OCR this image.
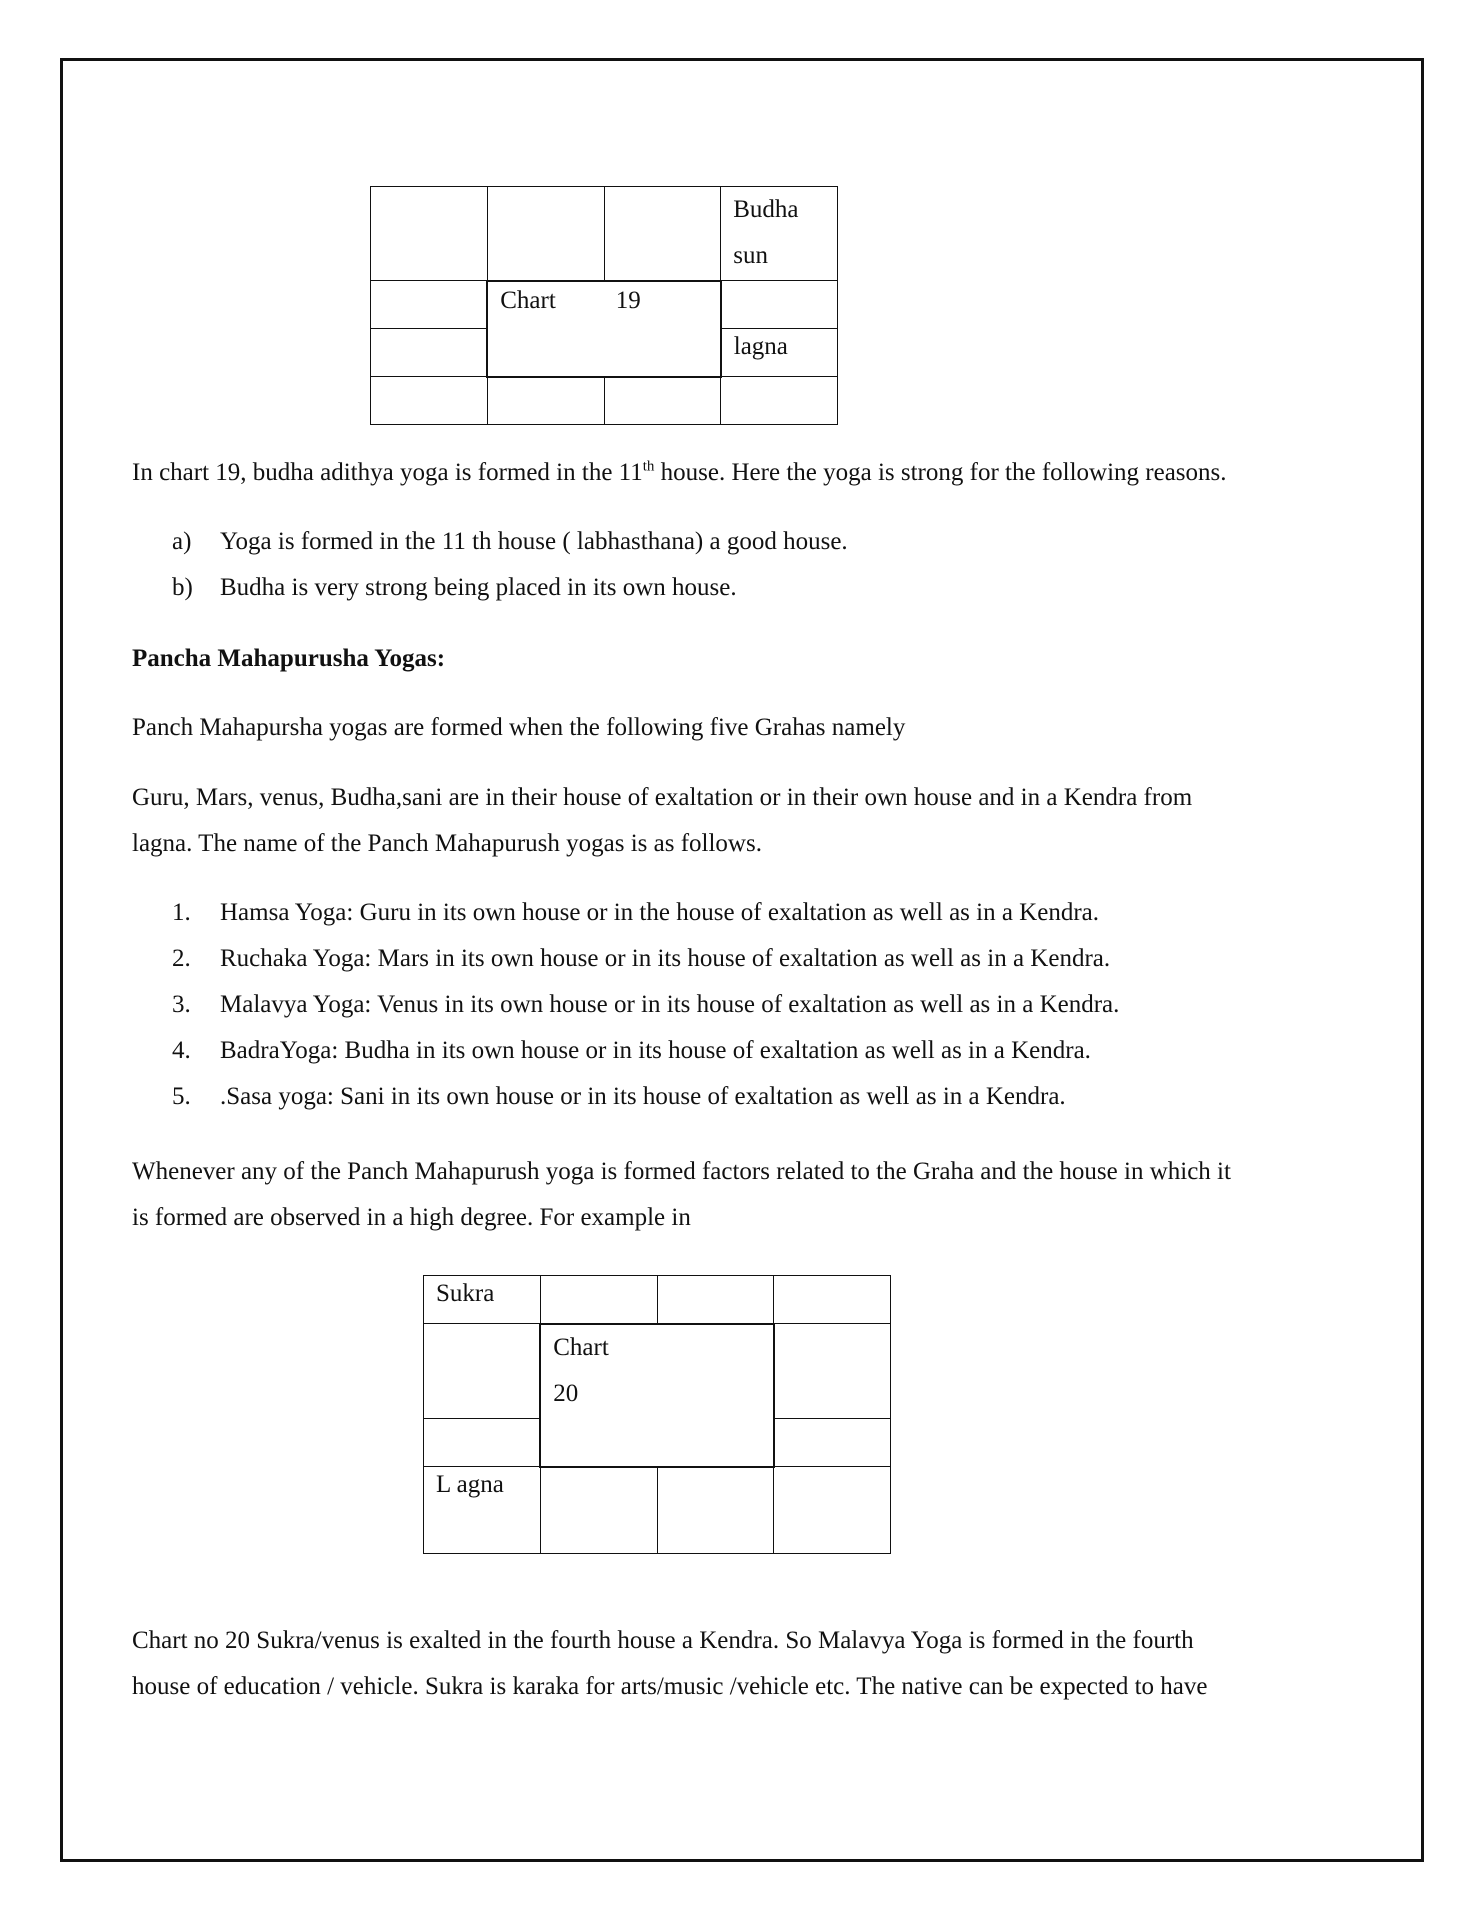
			Budha
sun

	Chart 19		

			lagna

In chart 19, budha adithya yoga is formed in the 11th house. Here the yoga is strong for the following reasons.

a)	Yoga is formed in the 11 th house ( labhasthana) a good house.
b)	Budha is very strong being placed in its own house.

Pancha Mahapurusha Yogas:

Panch Mahapursha yogas are formed when the following five Grahas namely

Guru, Mars, venus, Budha,sani are in their house of exaltation or in their own house and in a Kendra from
lagna. The name of the Panch Mahapurush yogas is as follows.

1.	Hamsa Yoga: Guru in its own house or in the house of exaltation as well as in a Kendra.
2.	Ruchaka Yoga: Mars in its own house or in its house of exaltation as well as in a Kendra.
3.	Malavya Yoga: Venus in its own house or in its house of exaltation as well as in a Kendra.
4.	BadraYoga: Budha in its own house or in its house of exaltation as well as in a Kendra.
5.	.Sasa yoga: Sani in its own house or in its house of exaltation as well as in a Kendra.

Whenever any of the Panch Mahapurush yoga is formed factors related to the Graha and the house in which it
is formed are observed in a high degree. For example in

Sukra			

	Chart
20		

L agna			

Chart no 20 Sukra/venus is exalted in the fourth house a Kendra. So Malavya Yoga is formed in the fourth
house of education / vehicle. Sukra is karaka for arts/music /vehicle etc. The native can be expected to have
